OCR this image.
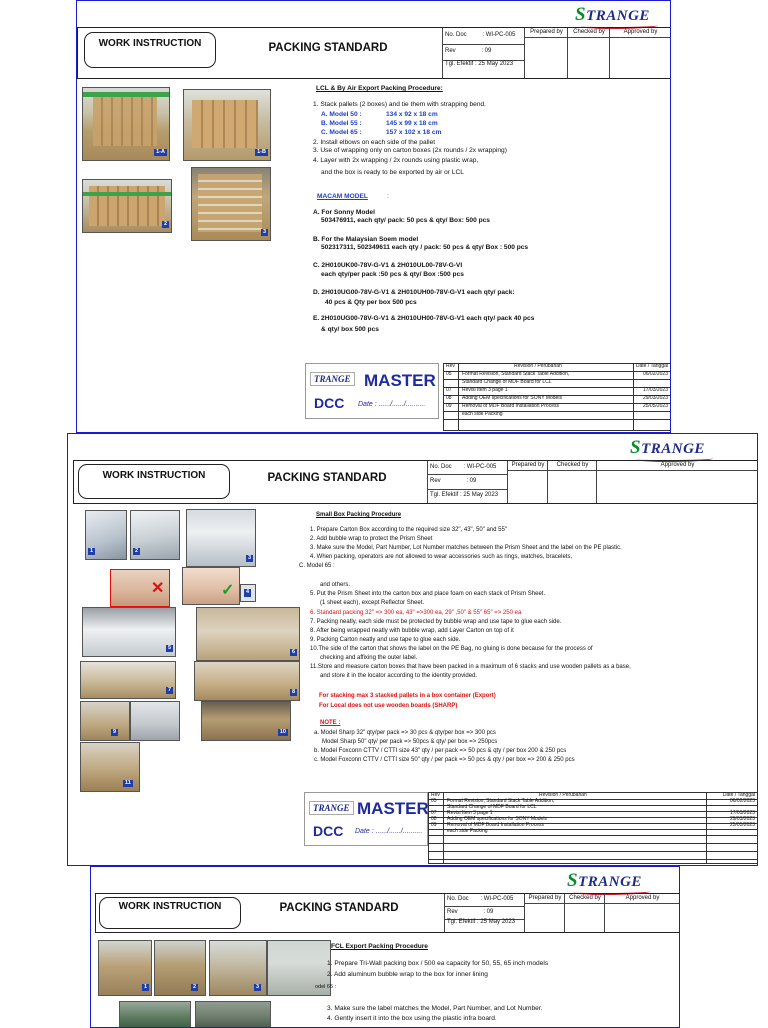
STRANGE
WORK INSTRUCTION	PACKING STANDARD
No. Doc	: WI-PC-005
Rev	: 09
Tgl. Efektif : 25 May 2023
Prepared by	Checked by	Approved by
1-A	1-B
2
3
LCL & By Air Export Packing Procedure:
1. Stack pallets (2 boxes) and tie them with strapping bend.
A. Model 50 :	134 x 92 x 18 cm
B. Model 55 :	145 x 99 x 18 cm
C. Model 65 :	157 x 102 x 18 cm
2. Install elbows on each side of the pallet
3. Use of wrapping only on carton boxes (2x rounds / 2x wrapping)
4. Layer with 2x wrapping / 2x rounds using plastic wrap,
and the box is ready to be exported by air or LCL
MACAM MODEL	:
A. For Sonny Model
503476911, each qty/ pack: 50 pcs & qty/ Box: 500 pcs
B. For the Malaysian Soem model
502317311, 502349611 each qty / pack: 50 pcs & qty/ Box : 500 pcs
C. 2H010UK00-78V-G-V1 & 2H010UL00-78V-G-VI
each qty/per pack :50 pcs & qty/ Box :500 pcs
D. 2H010UG00-78V-G-V1 & 2H010UH00-78V-G-V1 each qty/ pack:
40 pcs & Qty per box 500 pcs
E. 2H010UG00-78V-G-V1 & 2H010UH00-78V-G-V1 each qty/ pack 40 pcs
& qty/ box 500 pcs
TRANGE MASTER
DCC Date : ....../....../..........
Rev	Revision / Perubahan	Date / Tanggal
05 Format Revision, Standard Stack Table Addition,	06/02/2023
Standard Change of MDF Board for LCL
07 Revisi Item 3 page 1	17/03/2023
08 Adding OEM specifications for SONY Models	29/03/2023
09 Removal of MDF Board Installation Process	25/05/2023
each side Packing
STRANGE
WORK INSTRUCTION	PACKING STANDARD
No. Doc : WI-PC-005
Rev	: 09
Tgl. Efektif : 25 May 2023
Prepared by	Checked by	Approved by
1	2
3
✕	✓	4
5
6
7	8
9	10
11
Small Box Packing Procedure
1. Prepare Carton Box according to the required size 32", 43", 50" and 55"
2. Add bubble wrap to protect the Prism Sheet
3. Make sure the Model, Part Number, Lot Number matches between the Prism Sheet and the label on the PE plastic.
4. When packing, operators are not allowed to wear accessories such as rings, watches, bracelets,
C. Model 65 :
and others.
5. Put the Prism Sheet into the carton box and place foam on each stack of Prism Sheet.
(1 sheet each), except Reflector Sheet.
6. Standard packing 32" => 300 ea, 43" =>300 ea, 29" ,50" & 55" 65" => 250 ea
7. Packing neatly, each side must be protected by bubble wrap and use tape to glue each side.
8. After being wrapped neatly with bubble wrap, add Layer Carton on top of it
9. Packing Carton neatly and use tape to glue each side.
10.The side of the carton that shows the label on the PE Bag, no gluing is done because for the process of
checking and affixing the outer label.
11.Store and measure carton boxes that have been packed in a maximum of 6 stacks and use wooden pallets as a base,
and store it in the locator according to the identity provided.
For stacking max 3 stacked pallets in a box container (Export)
For Local does not use wooden boards (SHARP)
NOTE :
a. Model Sharp 32" qty/per pack => 30 pcs & qty/per box => 300 pcs
Model Sharp 50" qty/ per pack => 50pcs & qty/ per box => 250pcs
b. Model Foxconn CTTV / CTTI size 43" qty / per pack => 50 pcs & qty / per box 200 & 250 pcs
c. Model Foxconn CTTV / CTTI size 50" qty / per pack => 50 pcs & qty / per box => 200 & 250 pcs
TRANGE MASTER
DCC Date : ....../....../..........
Rev	Revision / Perubahan	Date / Tanggal
05 Format Revision, Standard Stack Table Addition,	06/02/2023
Standard Change of MDF Board for LCL
07 Revisi Item 3 page 1	17/03/2023
08 Adding OEM specifications for SONY Models	29/03/2023
09 Removal of MDF Board Installation Process	25/05/2023
each side Packing
STRANGE
WORK INSTRUCTION	PACKING STANDARD
No. Doc : WI-PC-005
Rev	: 09
Tgl. Efektif : 25 May 2023
Prepared by	Checked by	Approved by
1	2	3
FCL Export Packing Procedure
1. Prepare Tri-Wall packing box / 500 ea capacity for 50, 55, 65 inch models
2. Add aluminum bubble wrap to the box for inner lining
odel 65 :
3. Make sure the label matches the Model, Part Number, and Lot Number.
4. Gently insert it into the box using the plastic infra board.
